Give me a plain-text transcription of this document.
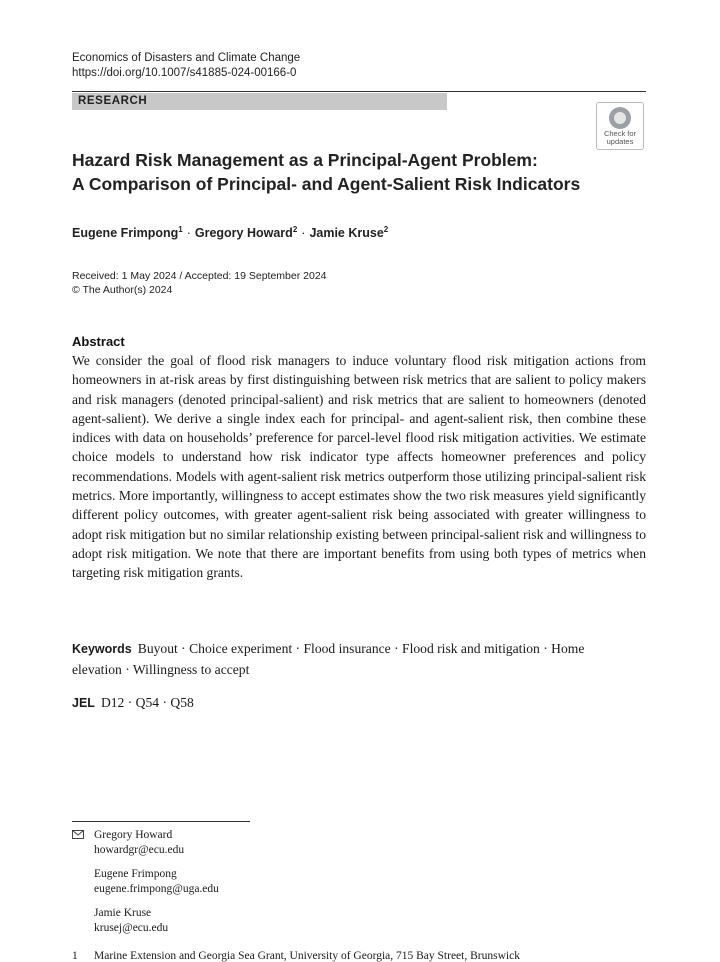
Economics of Disasters and Climate Change
https://doi.org/10.1007/s41885-024-00166-0
RESEARCH
Check for
updates
Hazard Risk Management as a Principal-Agent Problem:
A Comparison of Principal- and Agent-Salient Risk Indicators
Eugene Frimpong$^1$ · Gregory Howard$^2$ · Jamie Kruse$^2$
Received: 1 May 2024 / Accepted: 19 September 2024
© The Author(s) 2024
Abstract
We consider the goal of flood risk managers to induce voluntary flood risk mitigation actions from homeowners in at-risk areas by first distinguishing between risk metrics that are salient to policy makers and risk managers (denoted principal-salient) and risk metrics that are salient to homeowners (denoted agent-salient). We derive a single index each for principal- and agent-salient risk, then combine these indices with data on households’ preference for parcel-level flood risk mitigation activities. We estimate choice models to understand how risk indicator type affects homeowner preferences and policy recommendations. Models with agent-salient risk metrics outperform those utilizing principal-salient risk metrics. More importantly, willingness to accept estimates show the two risk measures yield significantly different policy outcomes, with greater agent-salient risk being associated with greater willingness to adopt risk mitigation but no similar relationship existing between principal-salient risk and willingness to adopt risk mitigation. We note that there are important benefits from using both types of metrics when targeting risk mitigation grants.
Keywords Buyout · Choice experiment · Flood insurance · Flood risk and mitigation · Home elevation · Willingness to accept
JEL D12 · Q54 · Q58
Gregory Howard
howardgr@ecu.edu
Eugene Frimpong
eugene.frimpong@uga.edu
Jamie Kruse
krusej@ecu.edu
1 Marine Extension and Georgia Sea Grant, University of Georgia, 715 Bay Street, Brunswick
